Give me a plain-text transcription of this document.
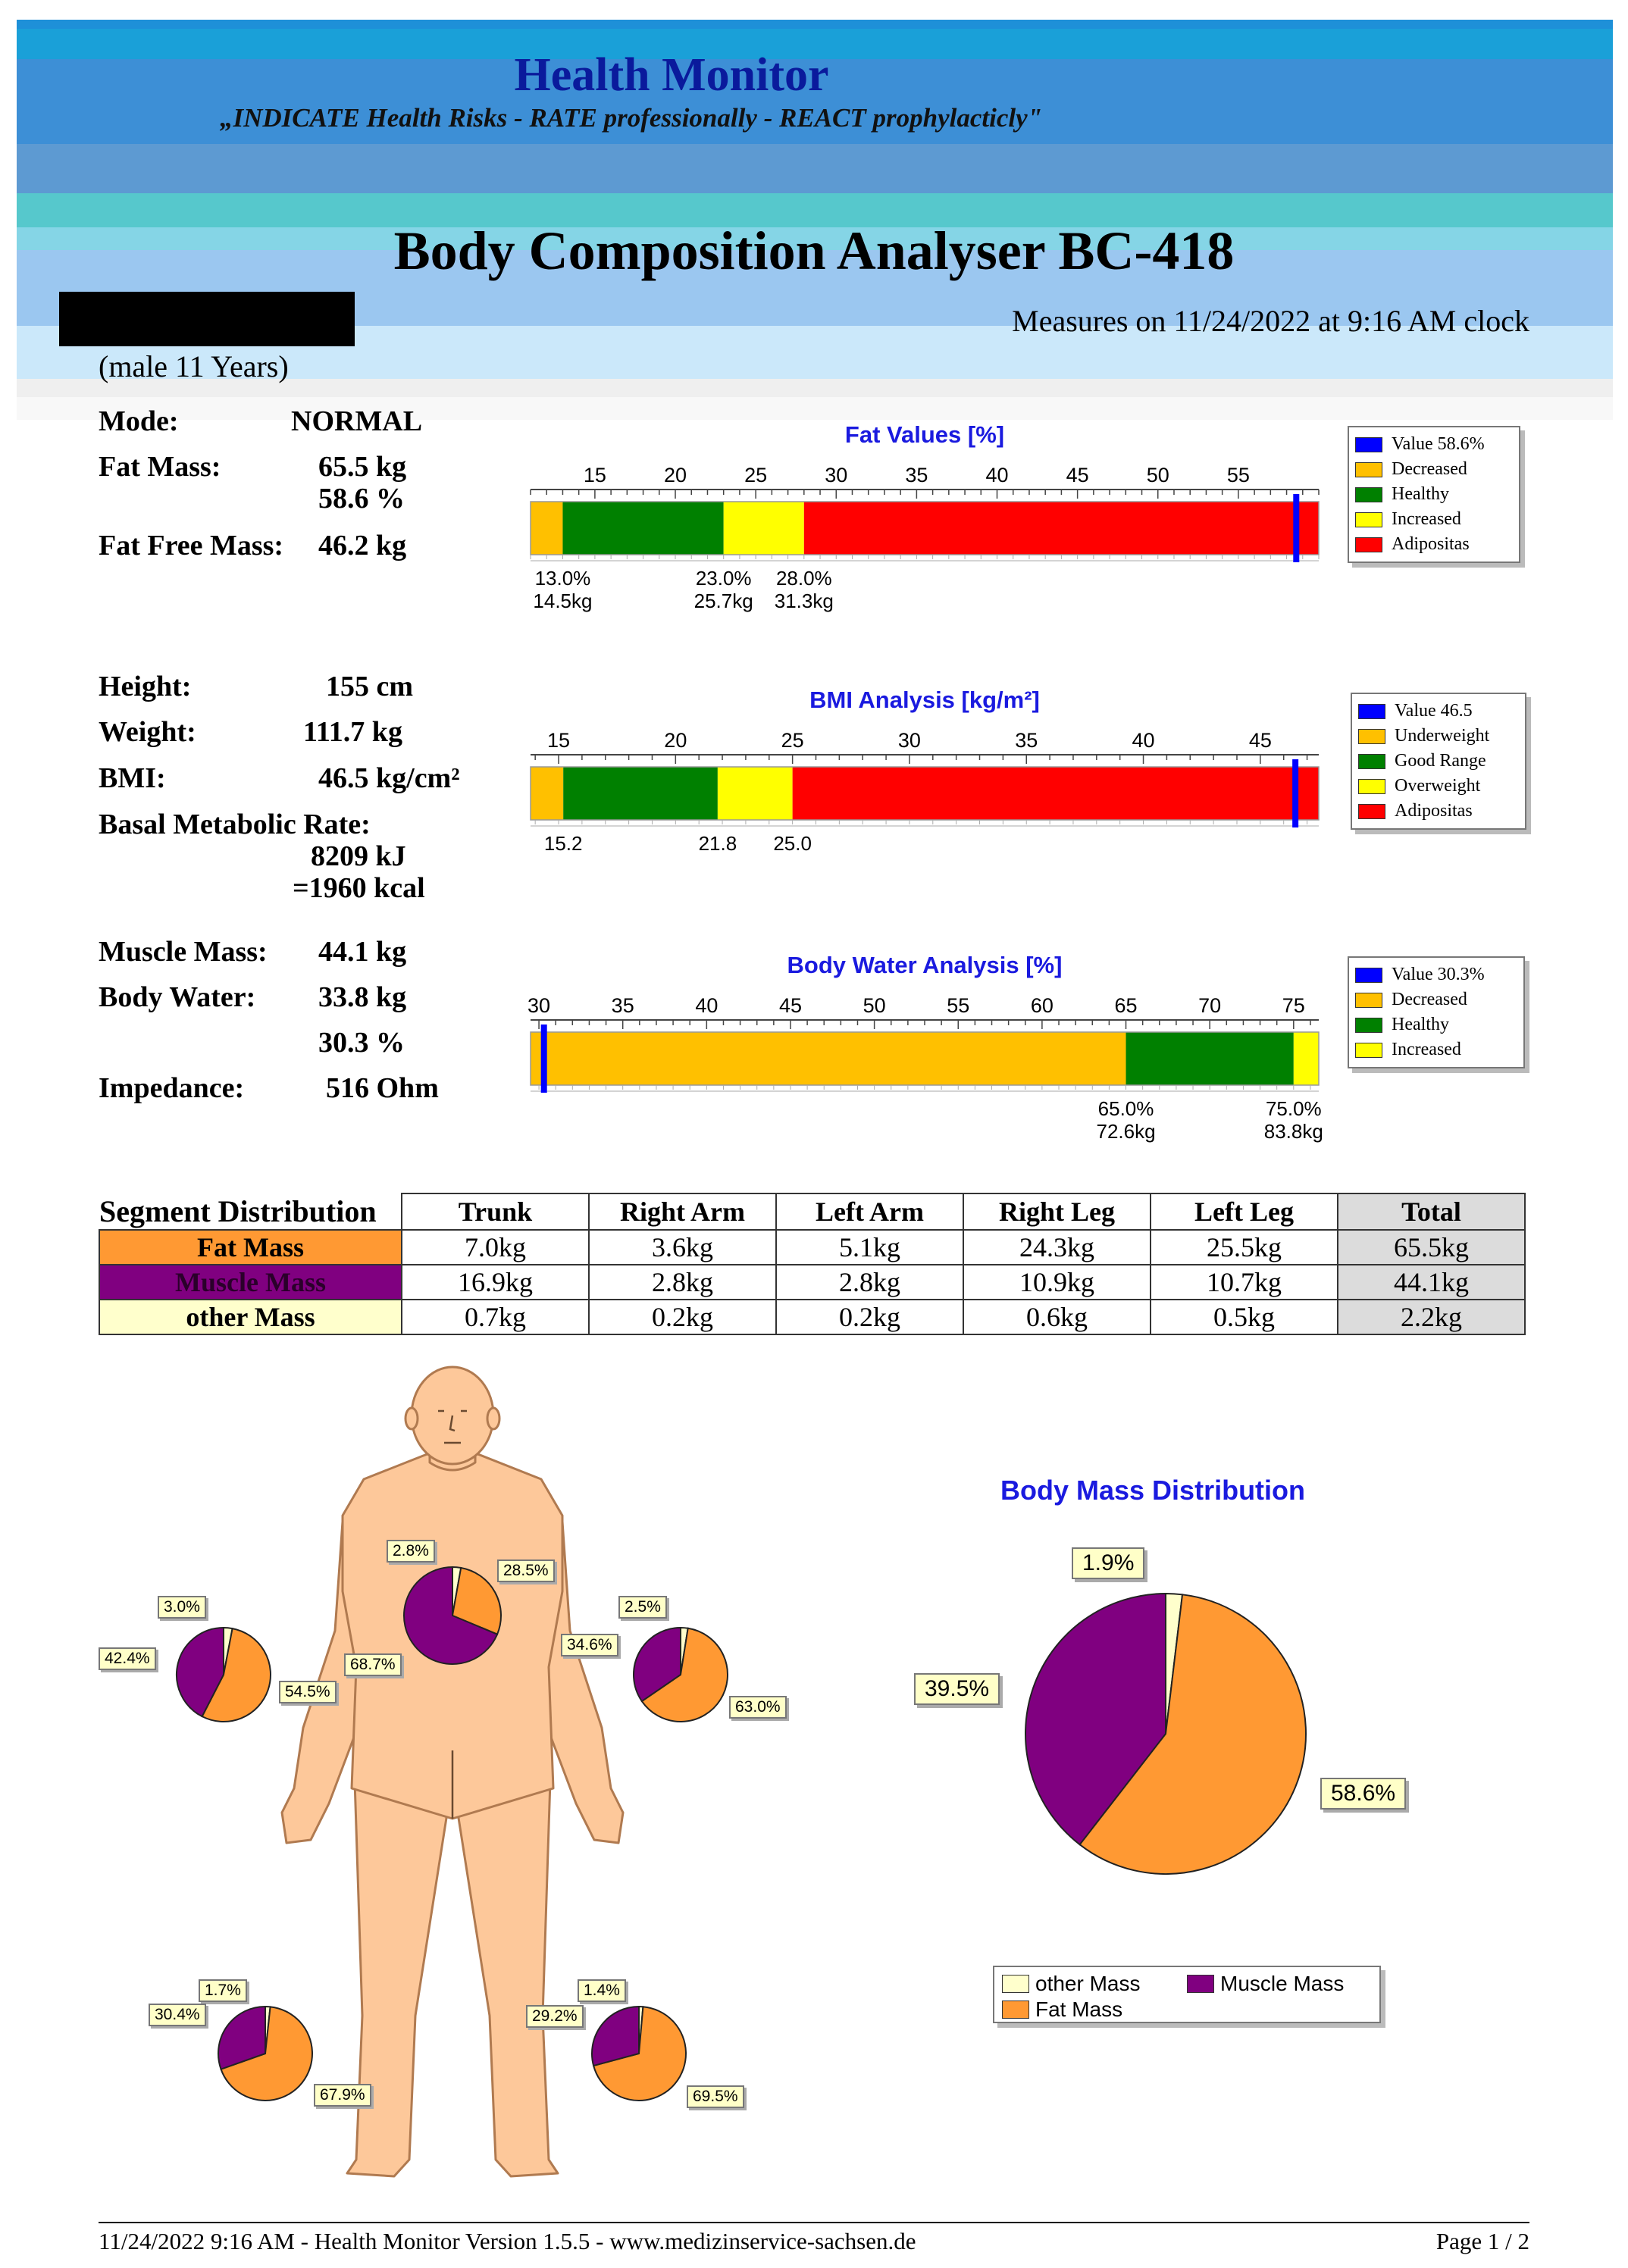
Health Monitor
„INDICATE Health Risks - RATE professionally - REACT prophylacticly"
Body Composition Analyser BC-418
Measures on 11/24/2022 at 9:16 AM clock
(male 11 Years)
Mode:	NORMAL
Fat Mass:	65.5 kg
58.6 %
Fat Free Mass: 46.2 kg
Height:	155 cm
Weight:	111.7 kg
BMI:	46.5 kg/cm²
Basal Metabolic Rate:
8209 kJ
=1960 kcal
Muscle Mass: 44.1 kg
Body Water: 33.8 kg
30.3 %
Impedance:	516 Ohm
Fat Values [%]
15	20	25	30	35	40	45	50	55
13.0%
14.5kg
23.0%
25.7kg
28.0%
31.3kg
Value 58.6%
Decreased
Healthy
Increased
Adipositas
BMI Analysis [kg/m²]
15	20	25	30	35	40	45
15.2	21.8 25.0
Value 46.5
Underweight
Good Range
Overweight
Adipositas
Body Water Analysis [%]
30	35	40	45	50	55	60	65	70	75
65.0%
72.6kg
75.0%
83.8kg
Value 30.3%
Decreased
Healthy
Increased
Segment Distribution	Trunk	Right Arm	Left Arm	Right Leg	Left Leg	Total
Fat Mass	7.0kg	3.6kg	5.1kg	24.3kg	25.5kg	65.5kg
Muscle Mass	16.9kg	2.8kg	2.8kg	10.9kg	10.7kg	44.1kg
other Mass	0.7kg	0.2kg	0.2kg	0.6kg	0.5kg	2.2kg
2.8%
28.5%
68.7%
3.0%
54.5%
42.4%
2.5%
63.0%
34.6%
1.7%
67.9%
30.4%
1.4%
69.5%
29.2%
Body Mass Distribution
1.9%
58.6%
39.5%
other Mass	Muscle Mass
Fat Mass
11/24/2022 9:16 AM - Health Monitor Version 1.5.5 - www.medizinservice-sachsen.de	Page 1 / 2
